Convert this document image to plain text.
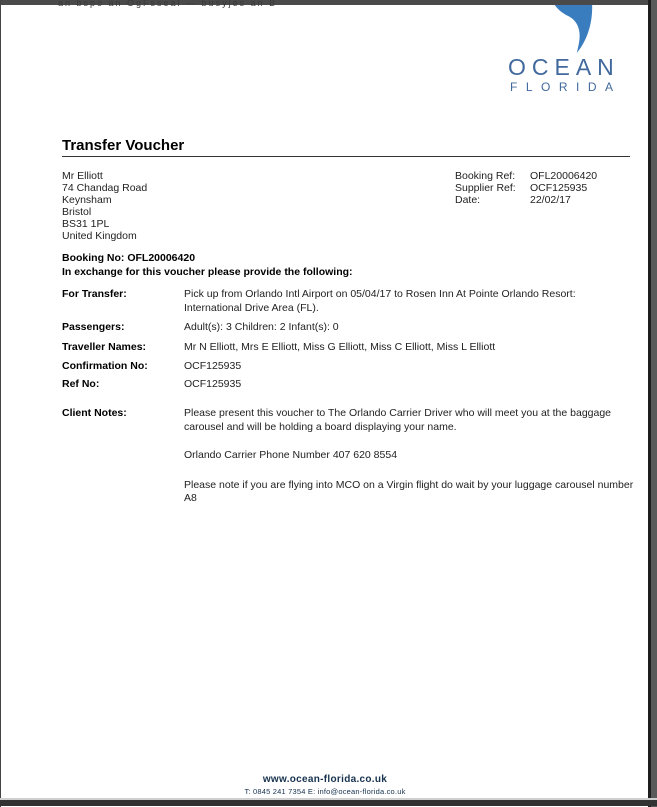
an bspo an OgFsseal — busyjes an B
OCEAN
FLORIDA
Transfer Voucher
Mr Elliott
74 Chandag Road
Keynsham
Bristol
BS31 1PL
United Kingdom
Booking Ref:	OFL20006420
Supplier Ref:	OCF125935
Date:	22/02/17
Booking No: OFL20006420
In exchange for this voucher please provide the following:
For Transfer:	Pick up from Orlando Intl Airport on 05/04/17 to Rosen Inn At Pointe Orlando Resort: International Drive Area (FL).
Passengers:	Adult(s): 3 Children: 2 Infant(s): 0
Traveller Names:	Mr N Elliott, Mrs E Elliott, Miss G Elliott, Miss C Elliott, Miss L Elliott
Confirmation No:	OCF125935
Ref No:	OCF125935
Client Notes:	Please present this voucher to The Orlando Carrier Driver who will meet you at the baggage carousel and will be holding a board displaying your name.

Orlando Carrier Phone Number 407 620 8554

Please note if you are flying into MCO on a Virgin flight do wait by your luggage carousel number A8

www.ocean-florida.co.uk
T: 0845 241 7354 E: info@ocean-florida.co.uk
